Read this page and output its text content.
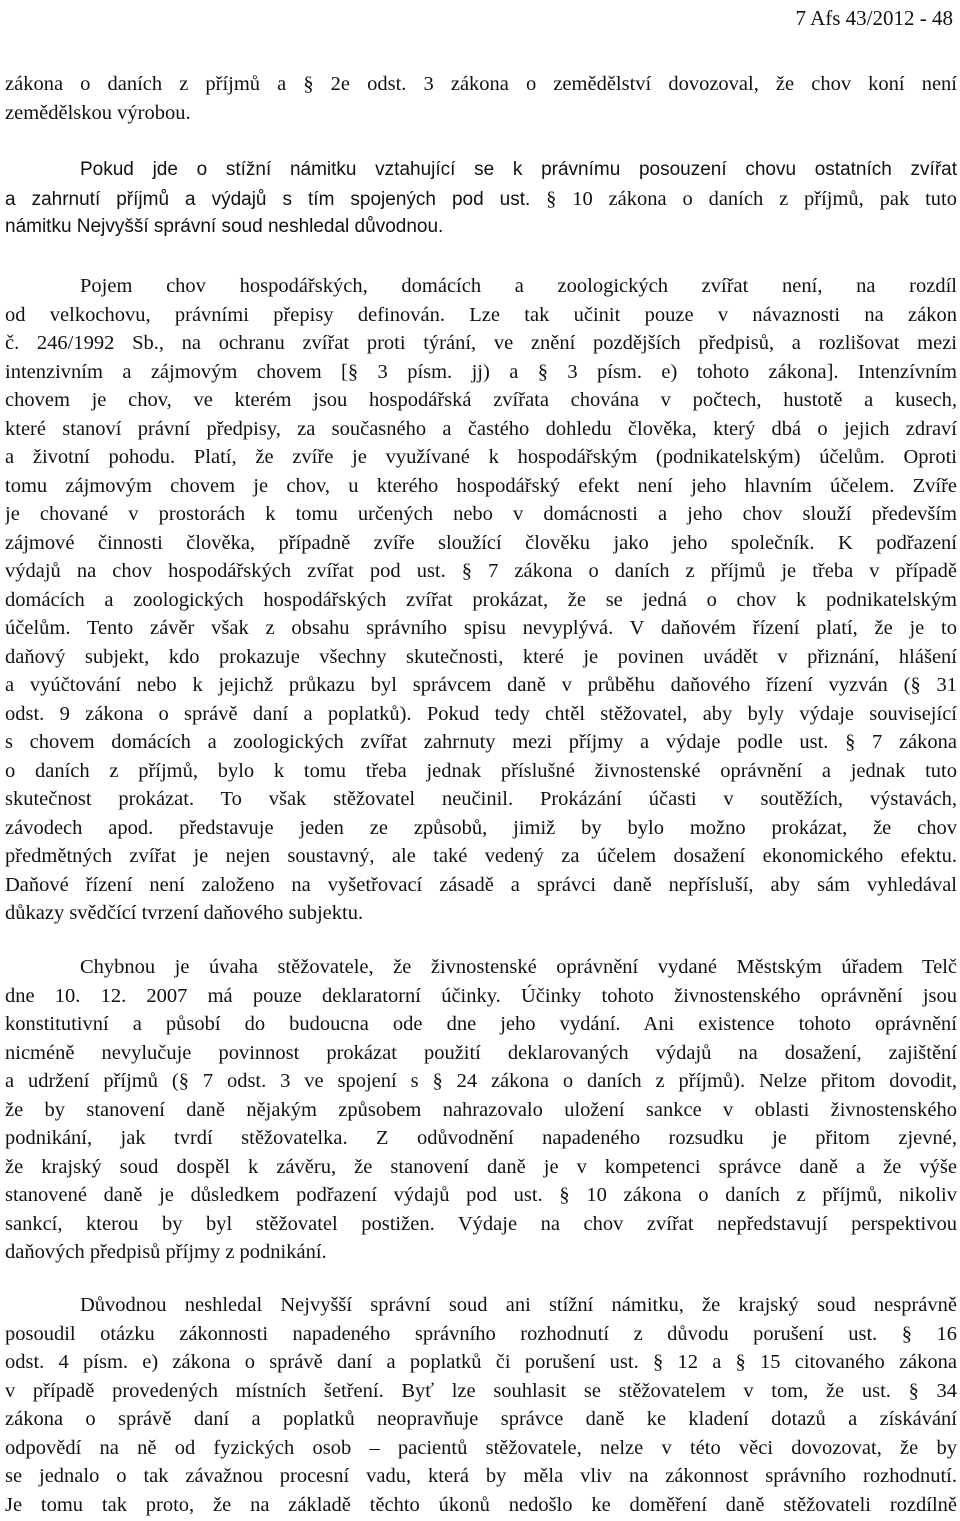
7 Afs 43/2012 - 48
zákona o daních z příjmů a § 2e odst. 3 zákona o zemědělství dovozoval, že chov koní není
zemědělskou výrobou.
Pokud jde o stížní námitku vztahující se k právnímu posouzení chovu ostatních zvířat
a zahrnutí příjmů a výdajů s tím spojených pod ust. § 10 zákona o daních z příjmů, pak tuto
námitku Nejvyšší správní soud neshledal důvodnou.
Pojem chov hospodářských, domácích a zoologických zvířat není, na rozdíl
od velkochovu, právními přepisy definován. Lze tak učinit pouze v návaznosti na zákon
č. 246/1992 Sb., na ochranu zvířat proti týrání, ve znění pozdějších předpisů, a rozlišovat mezi
intenzivním a zájmovým chovem [§ 3 písm. jj) a § 3 písm. e) tohoto zákona]. Intenzívním
chovem je chov, ve kterém jsou hospodářská zvířata chována v počtech, hustotě a kusech,
které stanoví právní předpisy, za současného a častého dohledu člověka, který dbá o jejich zdraví
a životní pohodu. Platí, že zvíře je využívané k hospodářským (podnikatelským) účelům. Oproti
tomu zájmovým chovem je chov, u kterého hospodářský efekt není jeho hlavním účelem. Zvíře
je chované v prostorách k tomu určených nebo v domácnosti a jeho chov slouží především
zájmové činnosti člověka, případně zvíře sloužící člověku jako jeho společník. K podřazení
výdajů na chov hospodářských zvířat pod ust. § 7 zákona o daních z příjmů je třeba v případě
domácích a zoologických hospodářských zvířat prokázat, že se jedná o chov k podnikatelským
účelům. Tento závěr však z obsahu správního spisu nevyplývá. V daňovém řízení platí, že je to
daňový subjekt, kdo prokazuje všechny skutečnosti, které je povinen uvádět v přiznání, hlášení
a vyúčtování nebo k jejichž průkazu byl správcem daně v průběhu daňového řízení vyzván (§ 31
odst. 9 zákona o správě daní a poplatků). Pokud tedy chtěl stěžovatel, aby byly výdaje související
s chovem domácích a zoologických zvířat zahrnuty mezi příjmy a výdaje podle ust. § 7 zákona
o daních z příjmů, bylo k tomu třeba jednak příslušné živnostenské oprávnění a jednak tuto
skutečnost prokázat. To však stěžovatel neučinil. Prokázání účasti v soutěžích, výstavách,
závodech apod. představuje jeden ze způsobů, jimiž by bylo možno prokázat, že chov
předmětných zvířat je nejen soustavný, ale také vedený za účelem dosažení ekonomického efektu.
Daňové řízení není založeno na vyšetřovací zásadě a správci daně nepřísluší, aby sám vyhledával
důkazy svědčící tvrzení daňového subjektu.
Chybnou je úvaha stěžovatele, že živnostenské oprávnění vydané Městským úřadem Telč
dne 10. 12. 2007 má pouze deklaratorní účinky. Účinky tohoto živnostenského oprávnění jsou
konstitutivní a působí do budoucna ode dne jeho vydání. Ani existence tohoto oprávnění
nicméně nevylučuje povinnost prokázat použití deklarovaných výdajů na dosažení, zajištění
a udržení příjmů (§ 7 odst. 3 ve spojení s § 24 zákona o daních z příjmů). Nelze přitom dovodit,
že by stanovení daně nějakým způsobem nahrazovalo uložení sankce v oblasti živnostenského
podnikání, jak tvrdí stěžovatelka. Z odůvodnění napadeného rozsudku je přitom zjevné,
že krajský soud dospěl k závěru, že stanovení daně je v kompetenci správce daně a že výše
stanovené daně je důsledkem podřazení výdajů pod ust. § 10 zákona o daních z příjmů, nikoliv
sankcí, kterou by byl stěžovatel postižen. Výdaje na chov zvířat nepředstavují perspektivou
daňových předpisů příjmy z podnikání.
Důvodnou neshledal Nejvyšší správní soud ani stížní námitku, že krajský soud nesprávně
posoudil otázku zákonnosti napadeného správního rozhodnutí z důvodu porušení ust. § 16
odst. 4 písm. e) zákona o správě daní a poplatků či porušení ust. § 12 a § 15 citovaného zákona
v případě provedených místních šetření. Byť lze souhlasit se stěžovatelem v tom, že ust. § 34
zákona o správě daní a poplatků neopravňuje správce daně ke kladení dotazů a získávání
odpovědí na ně od fyzických osob – pacientů stěžovatele, nelze v této věci dovozovat, že by
se jednalo o tak závažnou procesní vadu, která by měla vliv na zákonnost správního rozhodnutí.
Je tomu tak proto, že na základě těchto úkonů nedošlo ke doměření daně stěžovateli rozdílně
